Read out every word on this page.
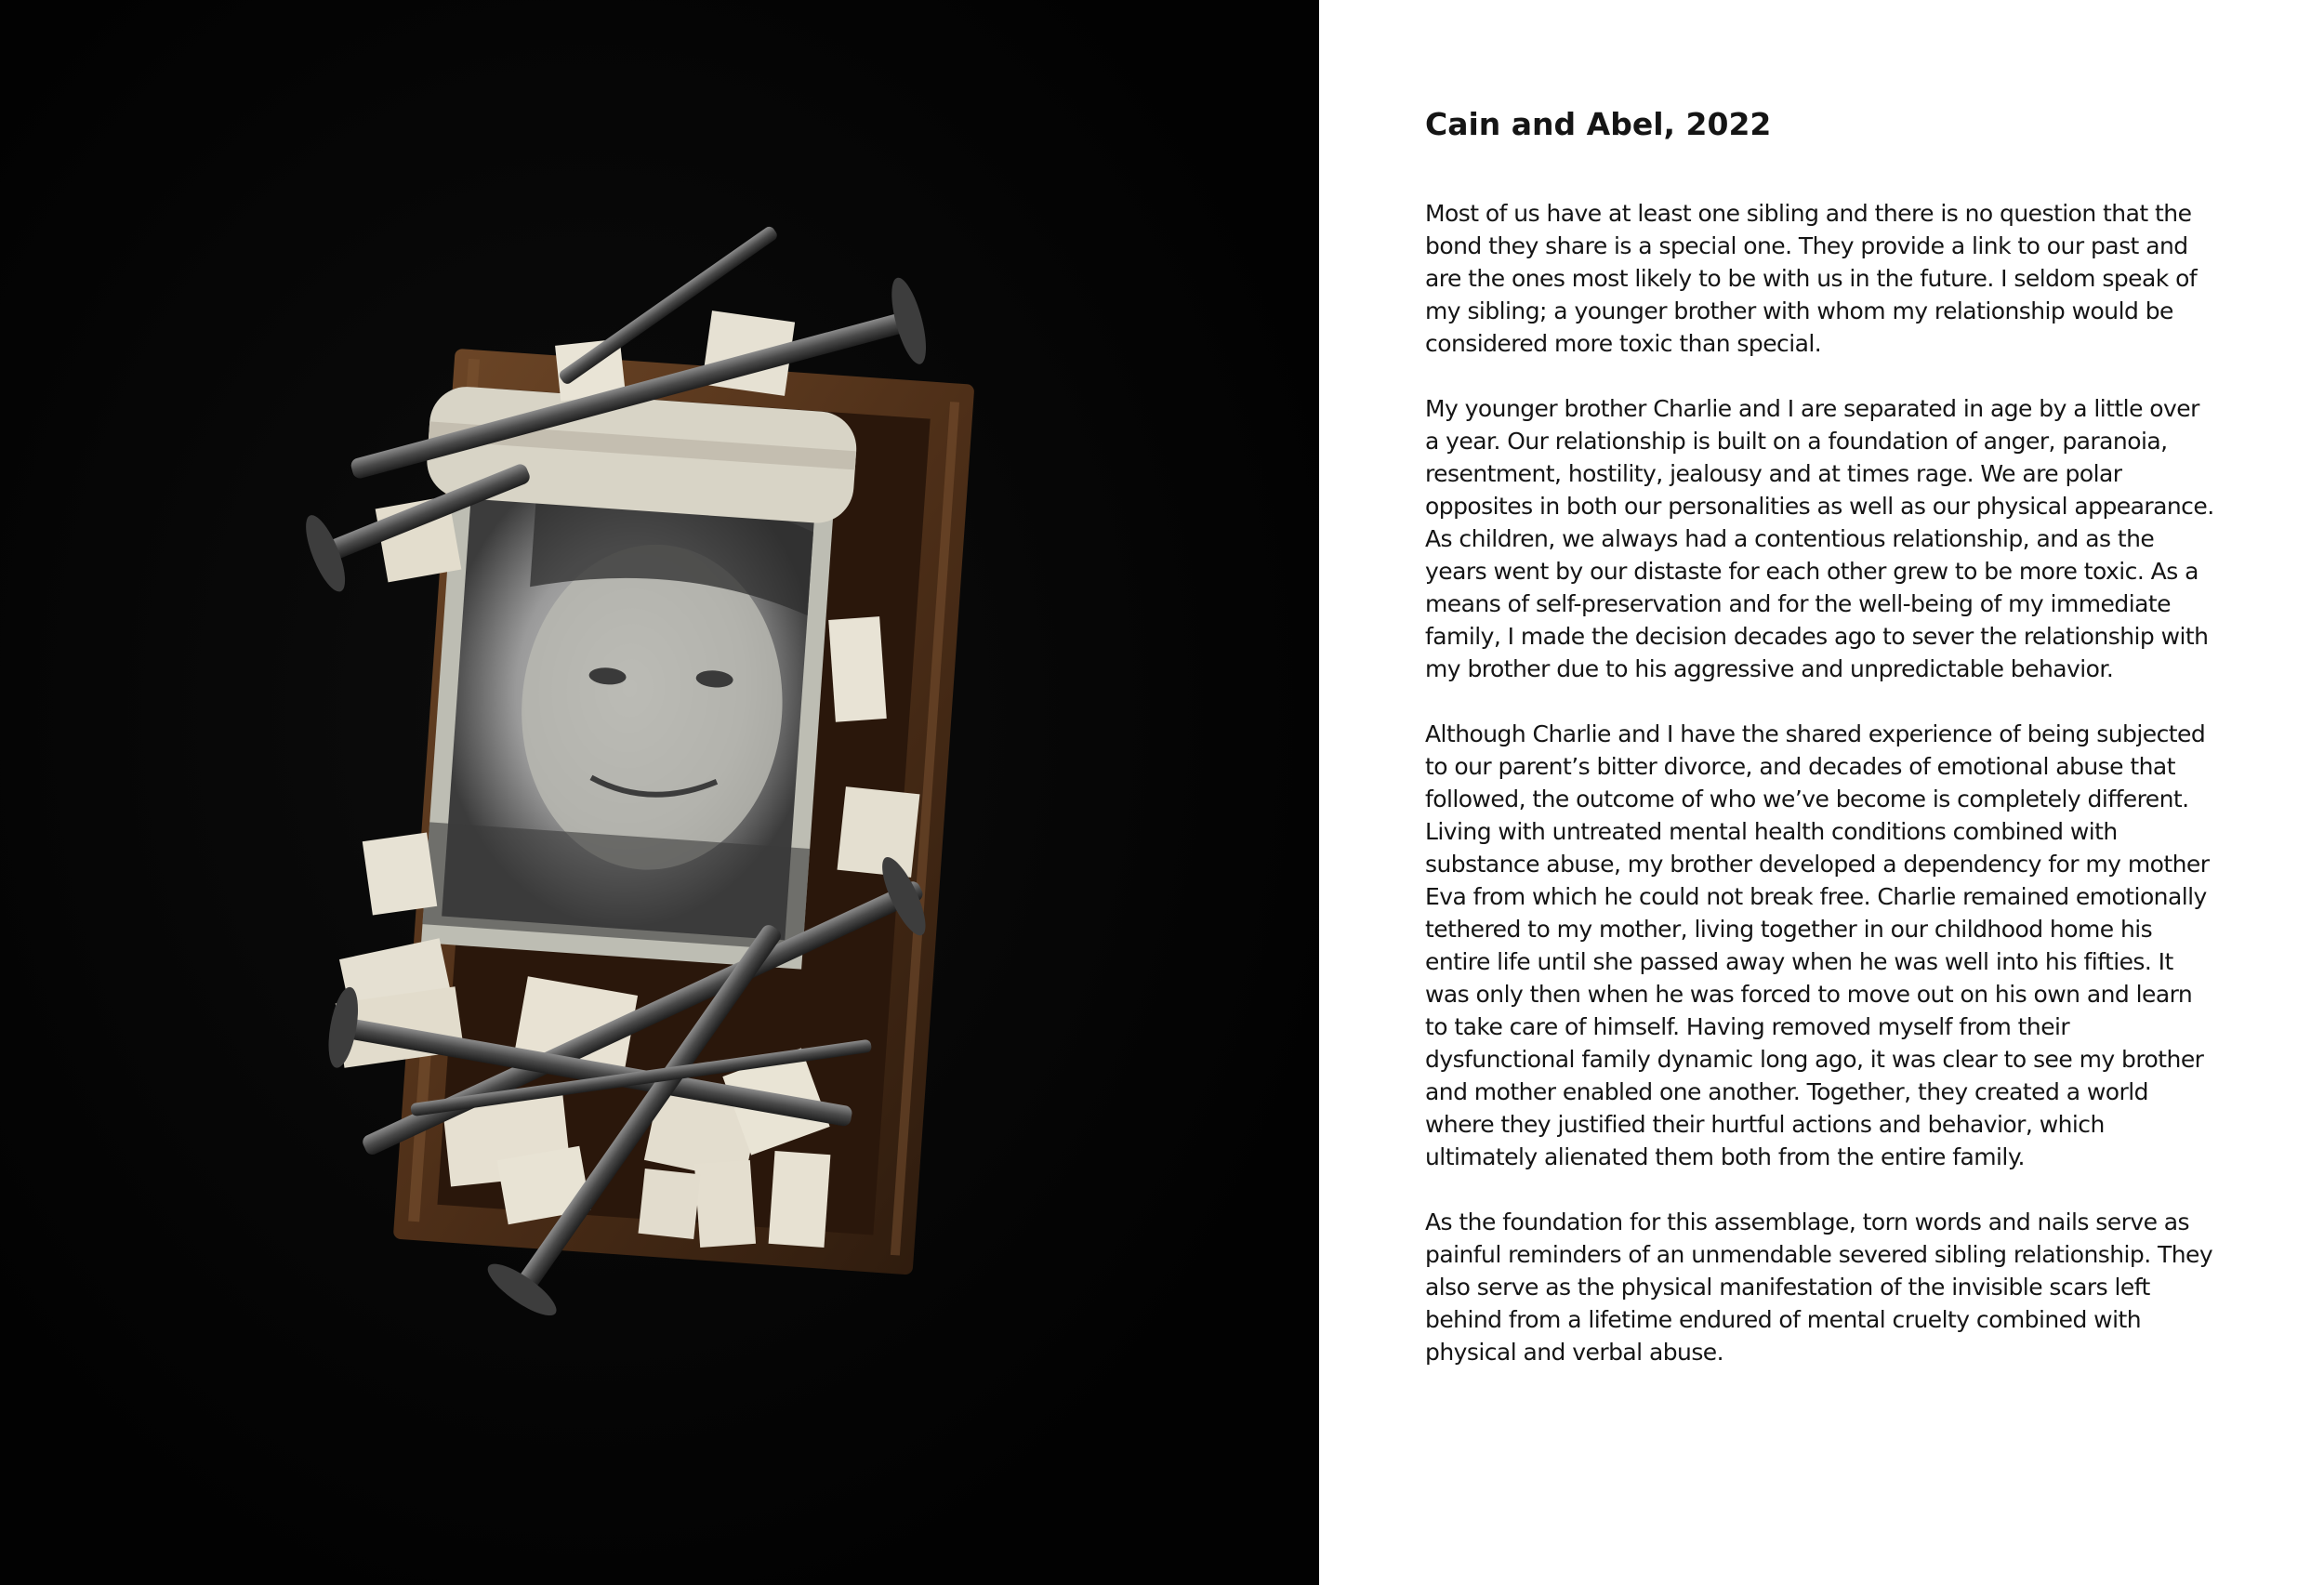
Cain and Abel, 2022

Most of us have at least one sibling and there is no question that the bond they share is a special one. They provide a link to our past and are the ones most likely to be with us in the future. I seldom speak of my sibling; a younger brother with whom my relationship would be considered more toxic than special.

My younger brother Charlie and I are separated in age by a little over a year. Our relationship is built on a foundation of anger, paranoia, resentment, hostility, jealousy and at times rage. We are polar opposites in both our personalities as well as our physical appearance. As children, we always had a contentious relationship, and as the years went by our distaste for each other grew to be more toxic. As a means of self-preservation and for the well-being of my immediate family, I made the decision decades ago to sever the relationship with my brother due to his aggressive and unpredictable behavior.

Although Charlie and I have the shared experience of being subjected to our parent’s bitter divorce, and decades of emotional abuse that followed, the outcome of who we’ve become is completely different. Living with untreated mental health conditions combined with substance abuse, my brother developed a dependency for my mother Eva from which he could not break free. Charlie remained emotionally tethered to my mother, living together in our childhood home his entire life until she passed away when he was well into his fifties. It was only then when he was forced to move out on his own and learn to take care of himself. Having removed myself from their dysfunctional family dynamic long ago, it was clear to see my brother and mother enabled one another. Together, they created a world where they justified their hurtful actions and behavior, which ultimately alienated them both from the entire family.

As the foundation for this assemblage, torn words and nails serve as painful reminders of an unmendable severed sibling relationship. They also serve as the physical manifestation of the invisible scars left behind from a lifetime endured of mental cruelty combined with physical and verbal abuse.
